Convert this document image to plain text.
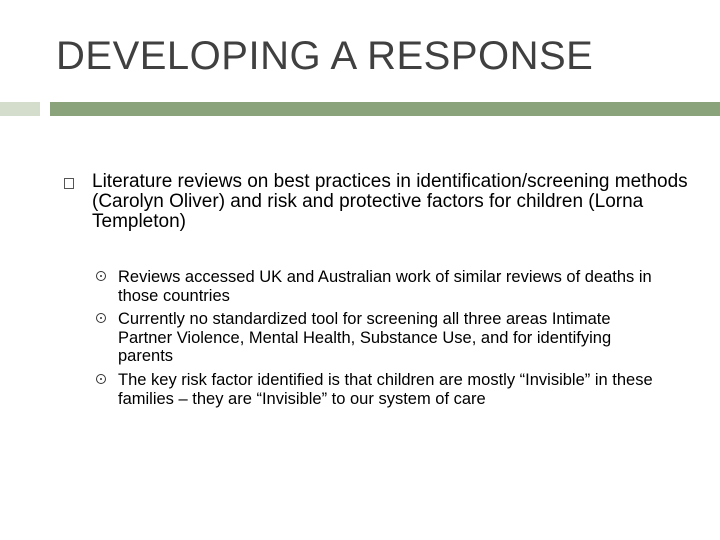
DEVELOPING A RESPONSE
Literature reviews on best practices in identification/screening methods (Carolyn Oliver) and risk and protective factors for children (Lorna Templeton)
Reviews accessed UK and Australian work of similar reviews of deaths in those countries
Currently no standardized tool for screening all three areas Intimate Partner Violence, Mental Health, Substance Use, and for identifying parents
The key risk factor identified is that children are mostly “Invisible” in these families – they are “Invisible” to our system of care
